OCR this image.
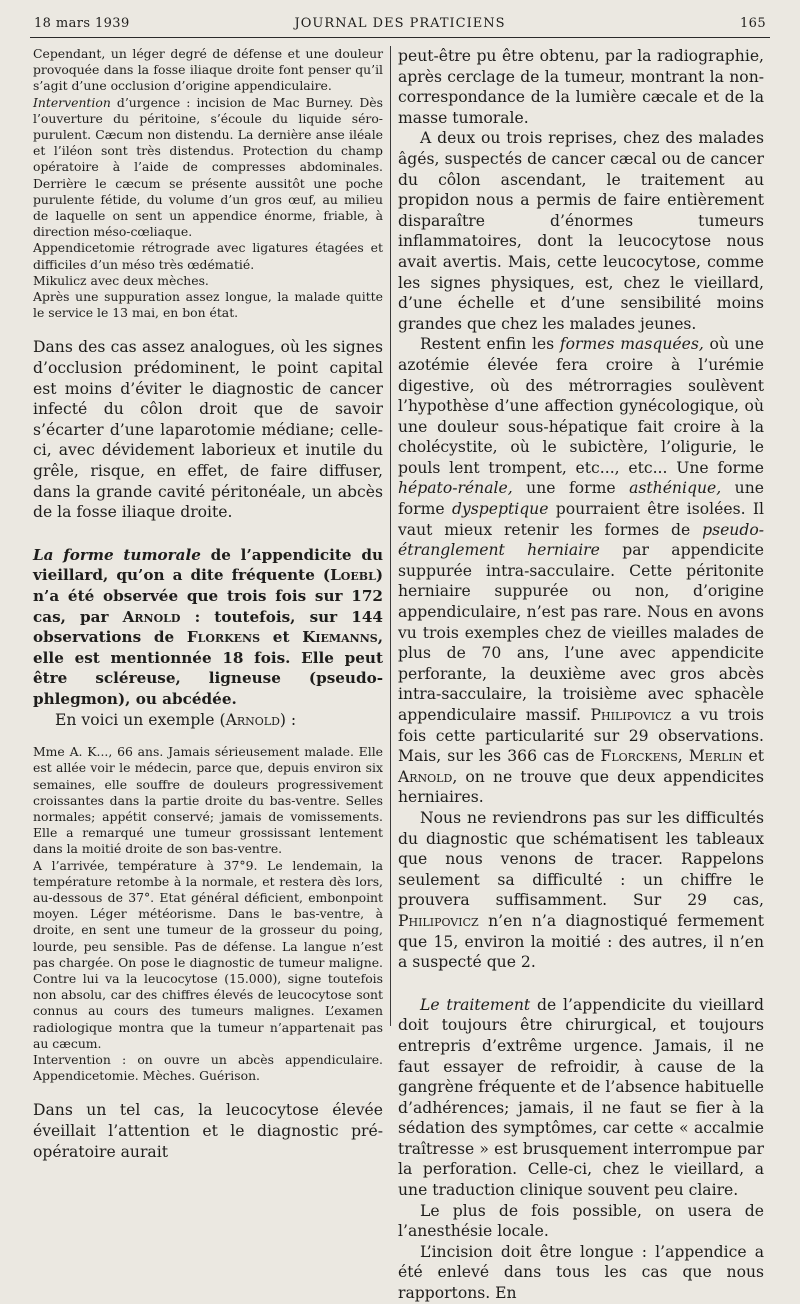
18 mars 1939	JOURNAL DES PRATICIENS	165

Cependant, un léger degré de défense et une douleur provoquée dans la fosse iliaque droite font penser qu’il s’agit d’une occlusion d’origine appendiculaire.

Intervention d’urgence : incision de Mac Burney. Dès l’ouverture du péritoine, s’écoule du liquide séro-purulent. Cæcum non distendu. La dernière anse iléale et l’iléon sont très distendus. Protection du champ opératoire à l’aide de compresses abdominales. Derrière le cæcum se présente aussitôt une poche purulente fétide, du volume d’un gros œuf, au milieu de laquelle on sent un appendice énorme, friable, à direction méso-cœliaque.

Appendicetomie rétrograde avec ligatures étagées et difficiles d’un méso très œdématié.

Mikulicz avec deux mèches.

Après une suppuration assez longue, la malade quitte le service le 13 mai, en bon état.

Dans des cas assez analogues, où les signes d’occlusion prédominent, le point capital est moins d’éviter le diagnostic de cancer infecté du côlon droit que de savoir s’écarter d’une laparotomie médiane; celle-ci, avec dévidement laborieux et inutile du grêle, risque, en effet, de faire diffuser, dans la grande cavité péritonéale, un abcès de la fosse iliaque droite.

La forme tumorale de l’appendicite du vieillard, qu’on a dite fréquente (Loebl) n’a été observée que trois fois sur 172 cas, par Arnold : toutefois, sur 144 observations de Florkens et Kiemanns, elle est mentionnée 18 fois. Elle peut être scléreuse, ligneuse (pseudo-phlegmon), ou abcédée.

En voici un exemple (Arnold) :

Mme A. K..., 66 ans. Jamais sérieusement malade. Elle est allée voir le médecin, parce que, depuis environ six semaines, elle souffre de douleurs progressivement croissantes dans la partie droite du bas-ventre. Selles normales; appétit conservé; jamais de vomissements. Elle a remarqué une tumeur grossissant lentement dans la moitié droite de son bas-ventre.

A l’arrivée, température à 37°9. Le lendemain, la température retombe à la normale, et restera dès lors, au-dessous de 37°. Etat général déficient, embonpoint moyen. Léger météorisme. Dans le bas-ventre, à droite, en sent une tumeur de la grosseur du poing, lourde, peu sensible. Pas de défense. La langue n’est pas chargée. On pose le diagnostic de tumeur maligne. Contre lui va la leucocytose (15.000), signe toutefois non absolu, car des chiffres élevés de leucocytose sont connus au cours des tumeurs malignes. L’examen radiologique montra que la tumeur n’appartenait pas au cæcum.

Intervention : on ouvre un abcès appendiculaire. Appendicetomie. Mèches. Guérison.

Dans un tel cas, la leucocytose élevée éveillait l’attention et le diagnostic pré-opératoire aurait

peut-être pu être obtenu, par la radiographie, après cerclage de la tumeur, montrant la non-correspondance de la lumière cæcale et de la masse tumorale.

A deux ou trois reprises, chez des malades âgés, suspectés de cancer cæcal ou de cancer du côlon ascendant, le traitement au propidon nous a permis de faire entièrement disparaître d’énormes tumeurs inflammatoires, dont la leucocytose nous avait avertis. Mais, cette leucocytose, comme les signes physiques, est, chez le vieillard, d’une échelle et d’une sensibilité moins grandes que chez les malades jeunes.

Restent enfin les formes masquées, où une azotémie élevée fera croire à l’urémie digestive, où des métrorragies soulèvent l’hypothèse d’une affection gynécologique, où une douleur sous-hépatique fait croire à la cholécystite, où le subictère, l’oligurie, le pouls lent trompent, etc..., etc... Une forme hépato-rénale, une forme asthénique, une forme dyspeptique pourraient être isolées. Il vaut mieux retenir les formes de pseudo-étranglement herniaire par appendicite suppurée intra-sacculaire. Cette péritonite herniaire suppurée ou non, d’origine appendiculaire, n’est pas rare. Nous en avons vu trois exemples chez de vieilles malades de plus de 70 ans, l’une avec appendicite perforante, la deuxième avec gros abcès intra-sacculaire, la troisième avec sphacèle appendiculaire massif. Philipovicz a vu trois fois cette particularité sur 29 observations. Mais, sur les 366 cas de Florckens, Merlin et Arnold, on ne trouve que deux appendicites herniaires.

Nous ne reviendrons pas sur les difficultés du diagnostic que schématisent les tableaux que nous venons de tracer. Rappelons seulement sa difficulté : un chiffre le prouvera suffisamment. Sur 29 cas, Philipovicz n’en n’a diagnostiqué fermement que 15, environ la moitié : des autres, il n’en a suspecté que 2.

Le traitement de l’appendicite du vieillard doit toujours être chirurgical, et toujours entrepris d’extrême urgence. Jamais, il ne faut essayer de refroidir, à cause de la gangrène fréquente et de l’absence habituelle d’adhérences; jamais, il ne faut se fier à la sédation des symptômes, car cette « accalmie traîtresse » est brusquement interrompue par la perforation. Celle-ci, chez le vieillard, a une traduction clinique souvent peu claire.

Le plus de fois possible, on usera de l’anesthésie locale.

L’incision doit être longue : l’appendice a été enlevé dans tous les cas que nous rapportons. En
